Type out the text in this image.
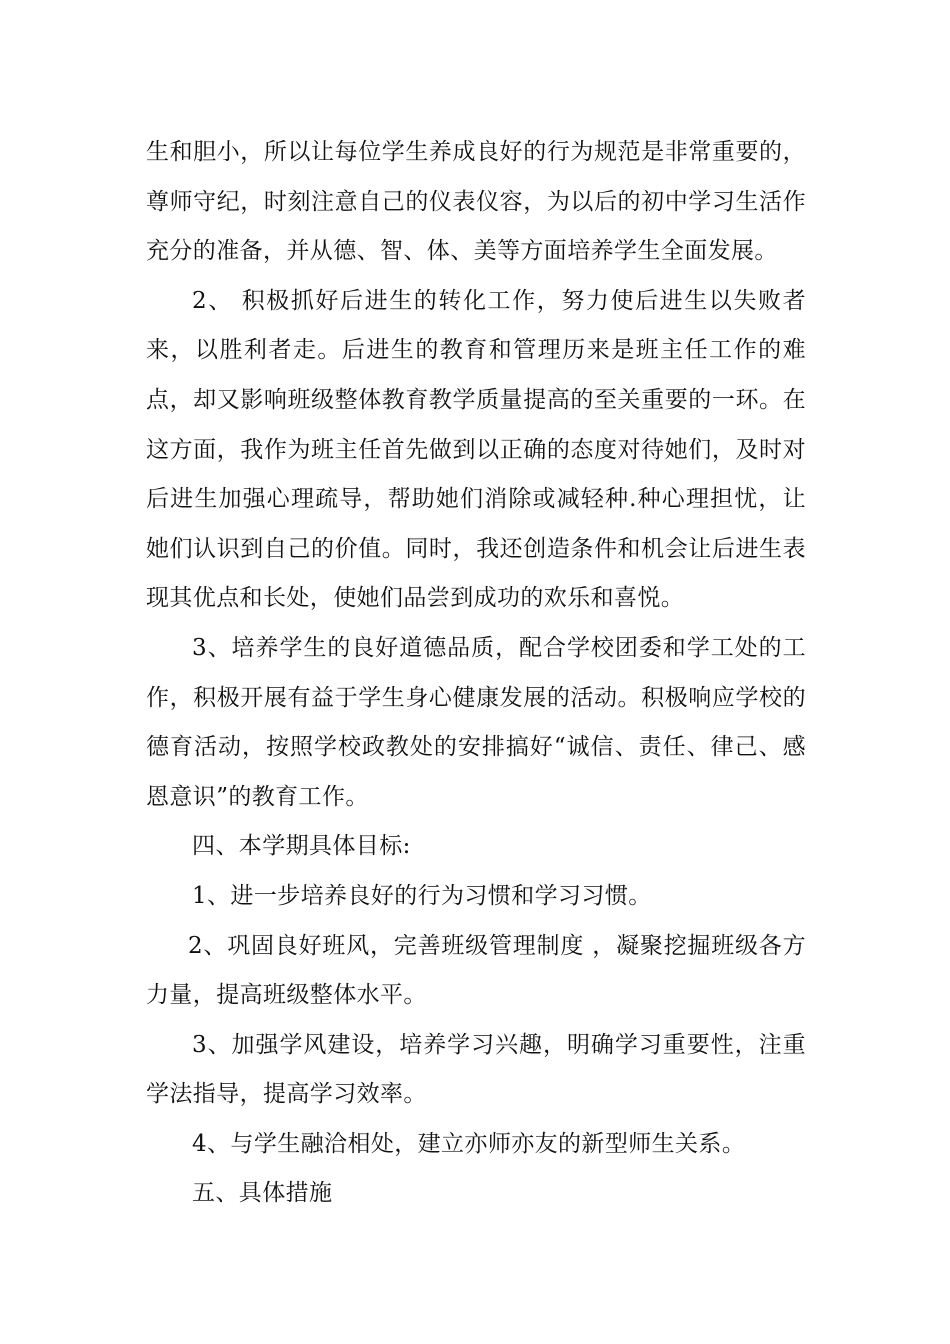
生和胆小，所以让每位学生养成良好的行为规范是非常重要的，尊师守纪，时刻注意自己的仪表仪容，为以后的初中学习生活作充分的准备，并从德、智、体、美等方面培养学生全面发展。

2、 积极抓好后进生的转化工作，努力使后进生以失败者来，以胜利者走。后进生的教育和管理历来是班主任工作的难点，却又影响班级整体教育教学质量提高的至关重要的一环。在这方面，我作为班主任首先做到以正确的态度对待她们，及时对后进生加强心理疏导，帮助她们消除或减轻种.种心理担忧，让她们认识到自己的价值。同时，我还创造条件和机会让后进生表现其优点和长处，使她们品尝到成功的欢乐和喜悦。

3、培养学生的良好道德品质，配合学校团委和学工处的工作，积极开展有益于学生身心健康发展的活动。积极响应学校的德育活动，按照学校政教处的安排搞好“诚信、责任、律己、感恩意识”的教育工作。

四、本学期具体目标:

1、进一步培养良好的行为习惯和学习习惯。

2、巩固良好班风，完善班级管理制度 ，凝聚挖掘班级各方力量，提高班级整体水平。

3、加强学风建设，培养学习兴趣，明确学习重要性，注重学法指导，提高学习效率。

4、与学生融洽相处，建立亦师亦友的新型师生关系。

五、具体措施
